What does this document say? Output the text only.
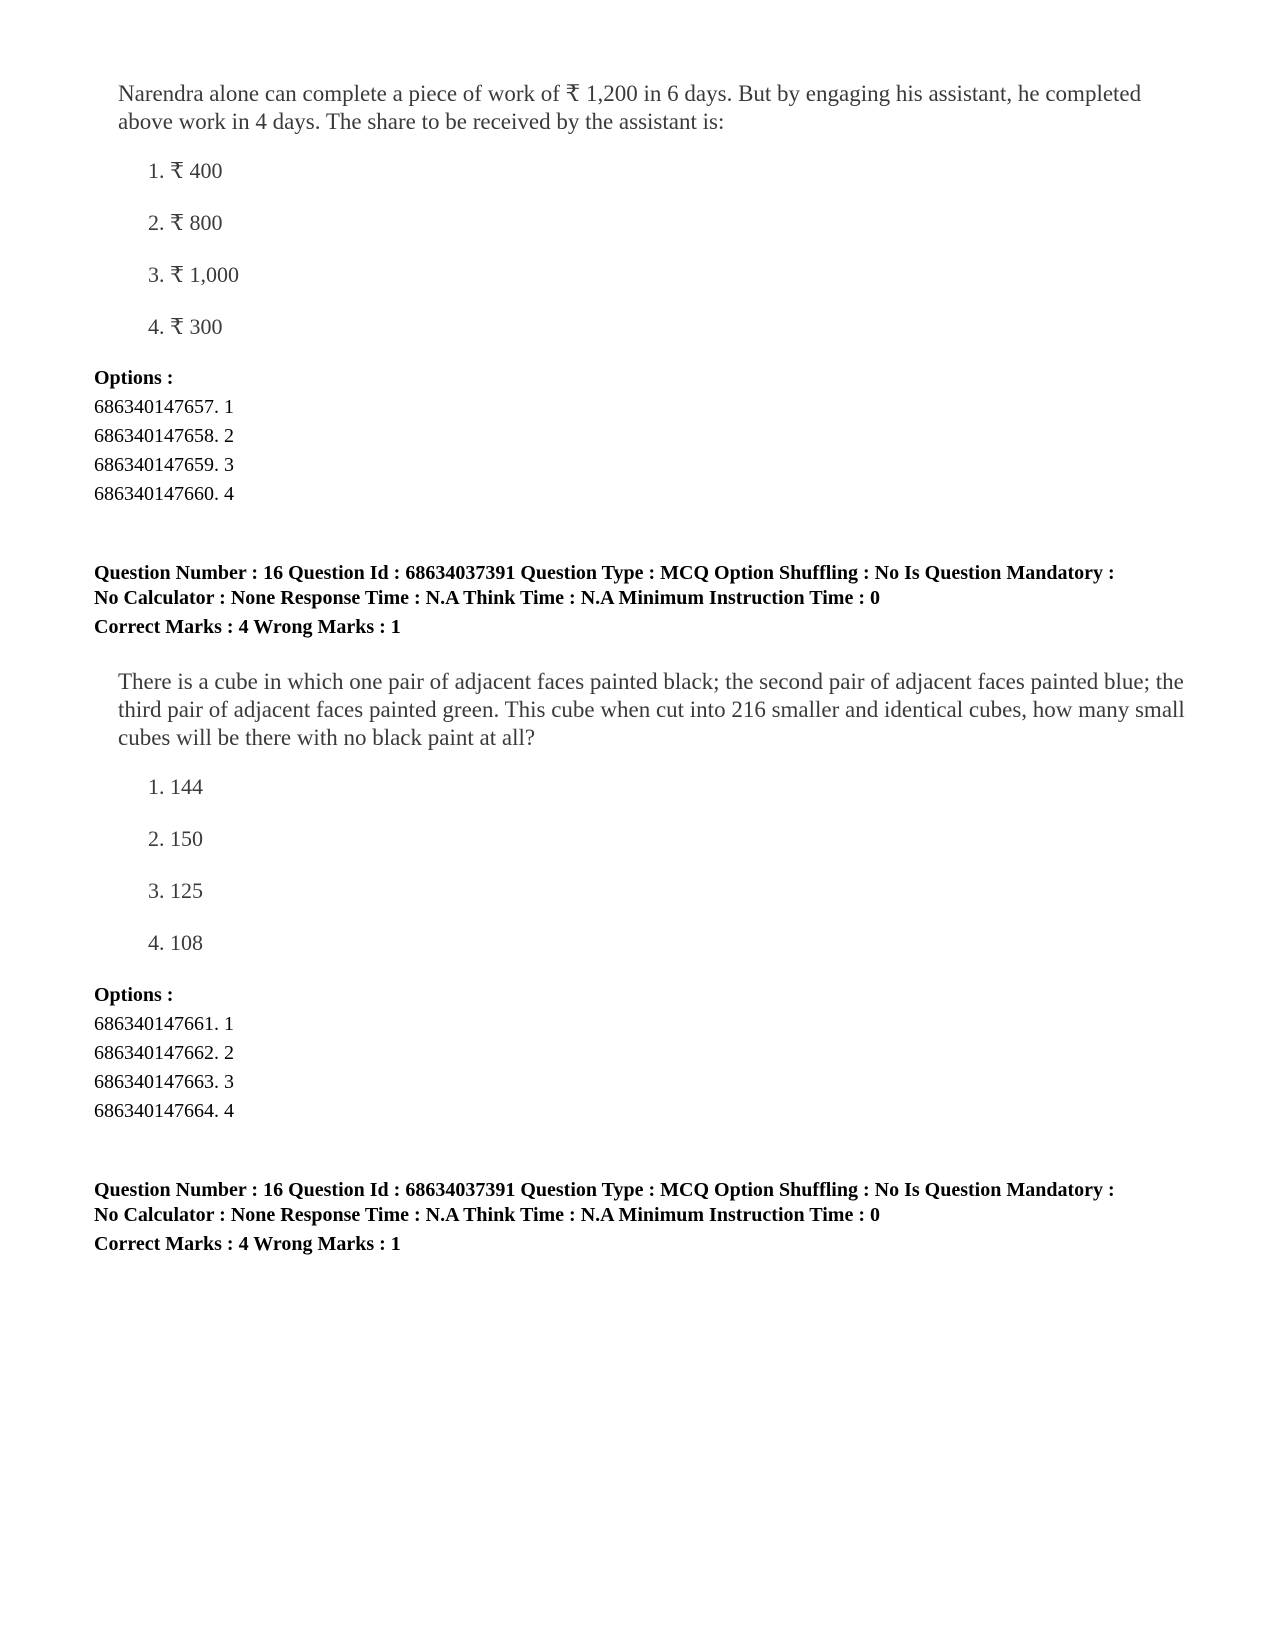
Narendra alone can complete a piece of work of ₹ 1,200 in 6 days. But by engaging his assistant, he completed above work in 4 days. The share to be received by the assistant is:

1. ₹ 400
2. ₹ 800
3. ₹ 1,000
4. ₹ 300
Options :
686340147657. 1
686340147658. 2
686340147659. 3
686340147660. 4
Question Number : 16 Question Id : 68634037391 Question Type : MCQ Option Shuffling : No Is Question Mandatory :
No Calculator : None Response Time : N.A Think Time : N.A Minimum Instruction Time : 0
Correct Marks : 4 Wrong Marks : 1

There is a cube in which one pair of adjacent faces painted black; the second pair of adjacent faces painted blue; the third pair of adjacent faces painted green. This cube when cut into 216 smaller and identical cubes, how many small cubes will be there with no black paint at all?

1. 144
2. 150
3. 125
4. 108
Options :
686340147661. 1
686340147662. 2
686340147663. 3
686340147664. 4
Question Number : 16 Question Id : 68634037391 Question Type : MCQ Option Shuffling : No Is Question Mandatory :
No Calculator : None Response Time : N.A Think Time : N.A Minimum Instruction Time : 0
Correct Marks : 4 Wrong Marks : 1
